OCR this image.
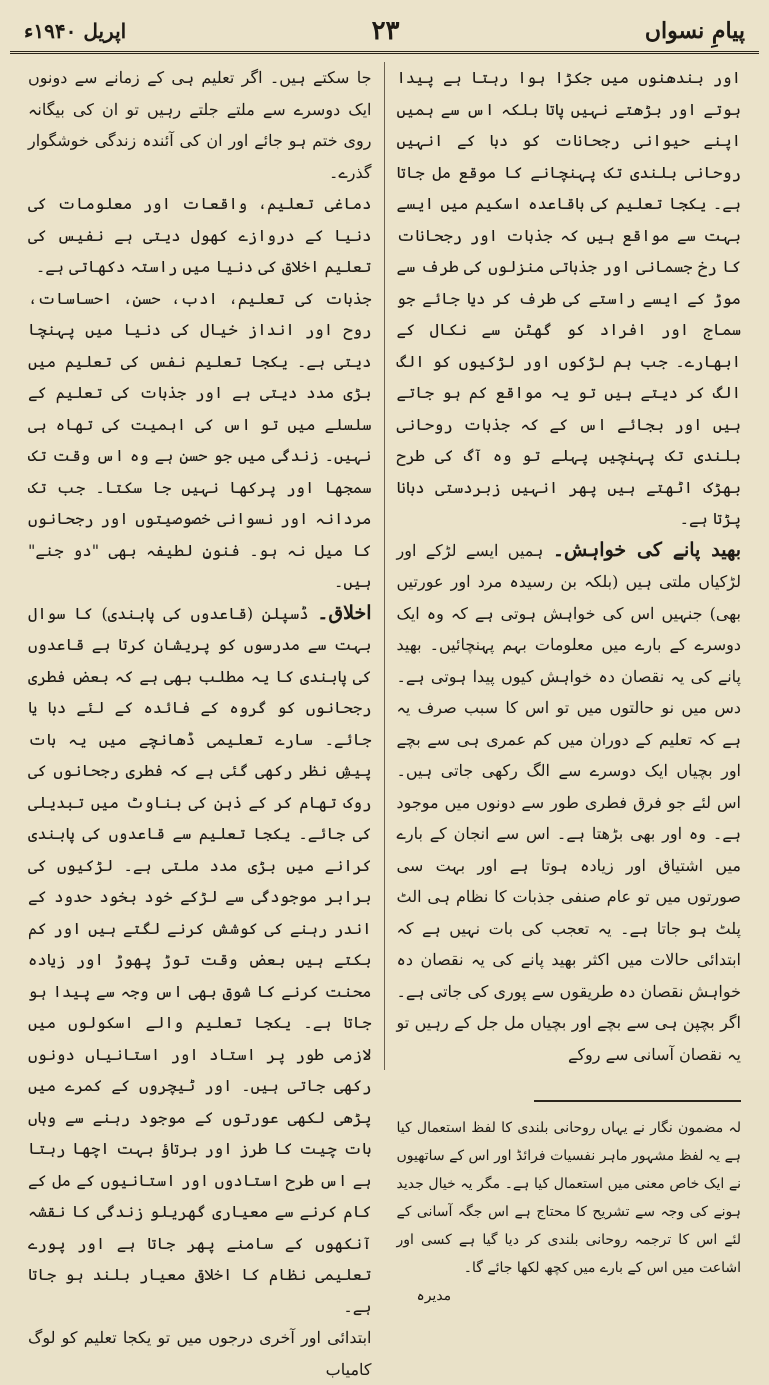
اپریل ۱۹۴۰ء	۲۳	پیامِ نسواں

جا سکتے ہیں۔ اگر تعلیم ہی کے زمانے سے دونوں ایک دوسرے سے ملتے جلتے رہیں تو ان کی بیگانہ روی ختم ہو جائے اور ان کی آئندہ زندگی خوشگوار گذرے۔

دماغی تعلیم، واقعات اور معلومات کی دنیا کے دروازے کھول دیتی ہے نفیس کی تعلیم اخلاق کی دنیا میں راستہ دکھاتی ہے۔

جذبات کی تعلیم، ادب، حسن، احساسات، روح اور انداز خیال کی دنیا میں پہنچا دیتی ہے۔ یکجا تعلیم نفس کی تعلیم میں بڑی مدد دیتی ہے اور جذبات کی تعلیم کے سلسلے میں تو اس کی اہمیت کی تھاہ ہی نہیں۔ زندگی میں جو حسن ہے وہ اس وقت تک سمجھا اور پرکھا نہیں جا سکتا۔ جب تک مردانہ اور نسوانی خصوصیتوں اور رجحانوں کا میل نہ ہو۔ فنونِ لطیفہ بھی "دو جنے" ہیں۔

اخلاق۔ ڈسپلن (قاعدوں کی پابندی) کا سوال بہت سے مدرسوں کو پریشان کرتا ہے قاعدوں کی پابندی کا یہ مطلب بھی ہے کہ بعض فطری رجحانوں کو گروہ کے فائدہ کے لئے دبا یا جائے۔ سارے تعلیمی ڈھانچے میں یہ بات پیشِ نظر رکھی گئی ہے کہ فطری رجحانوں کی روک تھام کر کے ذہن کی بناوٹ میں تبدیلی کی جائے۔ یکجا تعلیم سے قاعدوں کی پابندی کرانے میں بڑی مدد ملتی ہے۔ لڑکیوں کی برابر موجودگی سے لڑکے خود بخود حدود کے اندر رہنے کی کوشش کرنے لگتے ہیں اور کم بکتے ہیں بعض وقت توڑ پھوڑ اور زیادہ محنت کرنے کا شوق بھی اس وجہ سے پیدا ہو جاتا ہے۔ یکجا تعلیم والے اسکولوں میں لازمی طور پر استاد اور استانیاں دونوں رکھی جاتی ہیں۔ اور ٹیچروں کے کمرے میں پڑھی لکھی عورتوں کے موجود رہنے سے وہاں بات چیت کا طرز اور برتاؤ بہت اچھا رہتا ہے اس طرح استادوں اور استانیوں کے مل کے کام کرنے سے معیاری گھریلو زندگی کا نقشہ آنکھوں کے سامنے پھر جاتا ہے اور پورے تعلیمی نظام کا اخلاقی معیار بلند ہو جاتا ہے۔

ابتدائی اور آخری درجوں میں تو یکجا تعلیم کو لوگ کامیاب

اور بندھنوں میں جکڑا ہوا رہتا ہے پیدا ہوتے اور بڑھتے نہیں پاتا بلکہ اس سے ہمیں اپنے حیوانی رجحانات کو دبا کے انہیں روحانی بلندی تک پہنچانے کا موقع مل جاتا ہے۔ یکجا تعلیم کی باقاعدہ اسکیم میں ایسے بہت سے مواقع ہیں کہ جذبات اور رجحانات کا رخ جسمانی اور جذباتی منزلوں کی طرف سے موڑ کے ایسے راستے کی طرف کر دیا جائے جو سماج اور افراد کو گھٹن سے نکال کے ابھارے۔ جب ہم لڑکوں اور لڑکیوں کو الگ الگ کر دیتے ہیں تو یہ مواقع کم ہو جاتے ہیں اور بجائے اس کے کہ جذبات روحانی بلندی تک پہنچیں پہلے تو وہ آگ کی طرح بھڑک اٹھتے ہیں پھر انہیں زبردستی دبانا پڑتا ہے۔

بھید پانے کی خواہش۔ ہمیں ایسے لڑکے اور لڑکیاں ملتی ہیں (بلکہ بن رسیدہ مرد اور عورتیں بھی) جنہیں اس کی خواہش ہوتی ہے کہ وہ ایک دوسرے کے بارے میں معلومات بہم پہنچائیں۔ بھید پانے کی یہ نقصان دہ خواہش کیوں پیدا ہوتی ہے۔ دس میں نو حالتوں میں تو اس کا سبب صرف یہ ہے کہ تعلیم کے دوران میں کم عمری ہی سے بچے اور بچیاں ایک دوسرے سے الگ رکھی جاتی ہیں۔ اس لئے جو فرق فطری طور سے دونوں میں موجود ہے۔ وہ اور بھی بڑھتا ہے۔ اس سے انجان کے بارے میں اشتیاق اور زیادہ ہوتا ہے اور بہت سی صورتوں میں تو عام صنفی جذبات کا نظام ہی الٹ پلٹ ہو جاتا ہے۔ یہ تعجب کی بات نہیں ہے کہ ابتدائی حالات میں اکثر بھید پانے کی یہ نقصان دہ خواہش نقصان دہ طریقوں سے پوری کی جاتی ہے۔ اگر بچپن ہی سے بچے اور بچیاں مل جل کے رہیں تو یہ نقصان آسانی سے روکے

لہ مضمون نگار نے یہاں روحانی بلندی کا لفظ استعمال کیا ہے یہ لفظ مشہور ماہر نفسیات فرائڈ اور اس کے ساتھیوں نے ایک خاص معنی میں استعمال کیا ہے۔ مگر یہ خیال جدید ہونے کی وجہ سے تشریح کا محتاج ہے اس جگہ آسانی کے لئے اس کا ترجمہ روحانی بلندی کر دیا گیا ہے کسی اور اشاعت میں اس کے بارے میں کچھ لکھا جائے گا۔
مدیرہ
